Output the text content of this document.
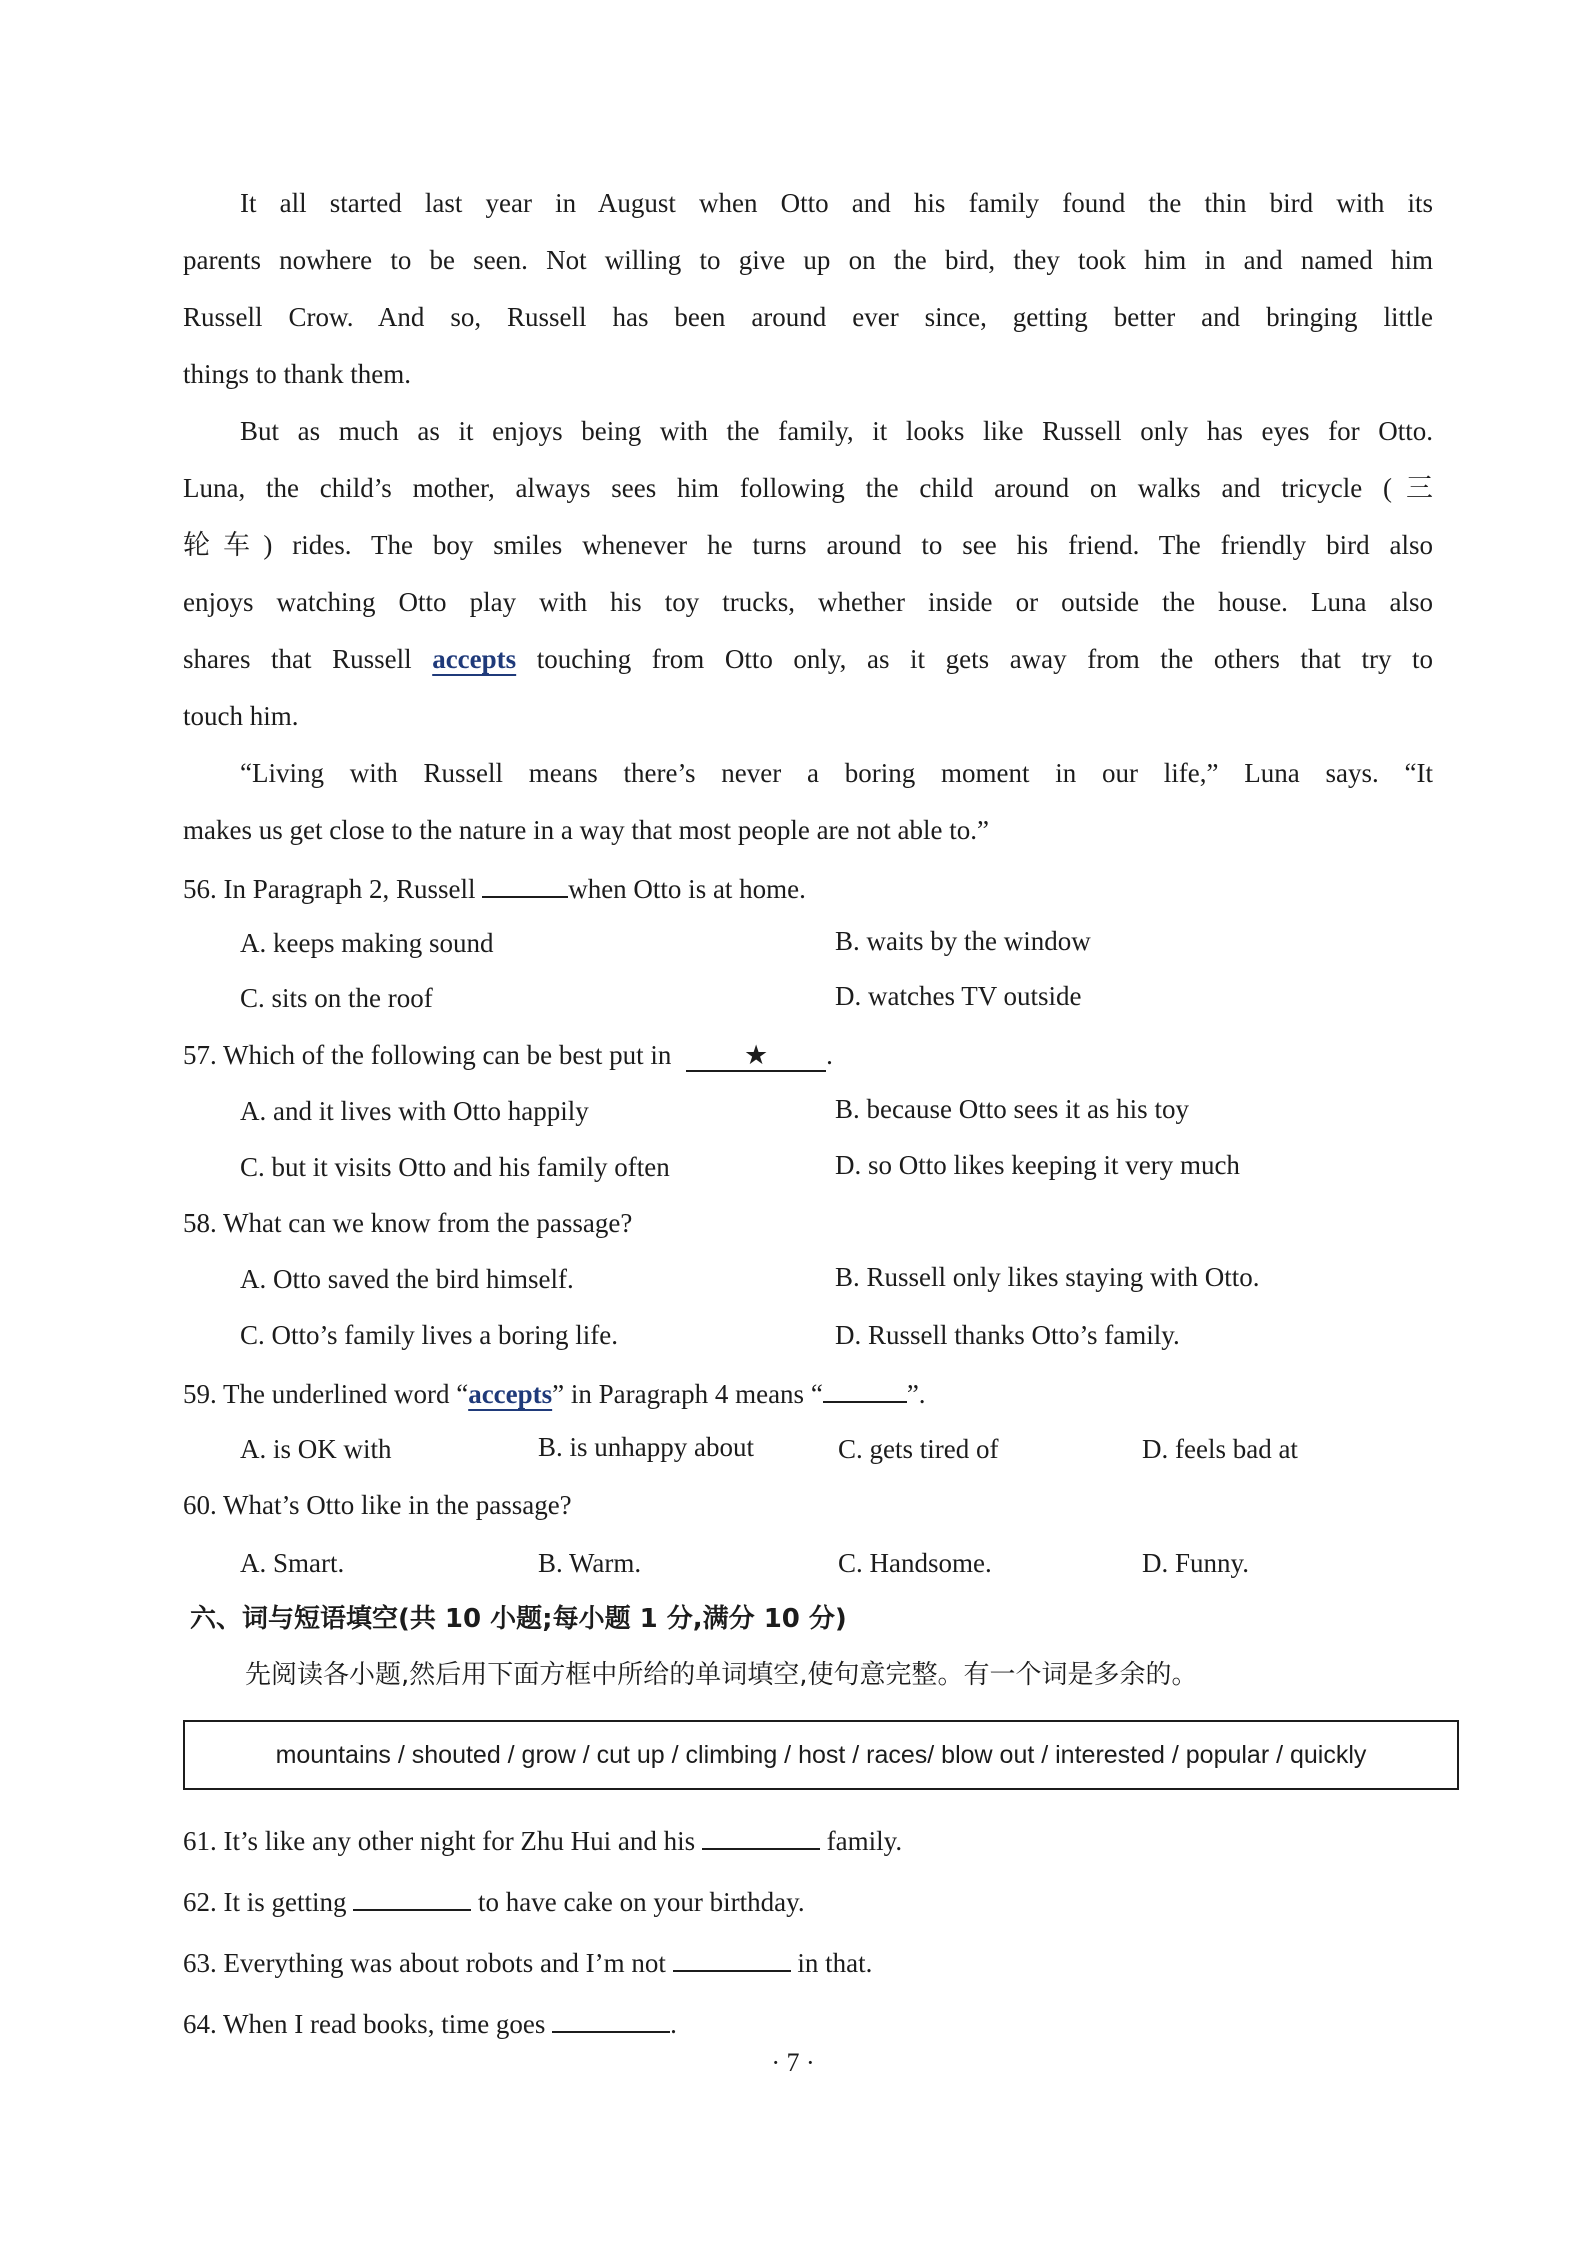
It all started last year in August when Otto and his family found the thin bird with its
parents nowhere to be seen. Not willing to give up on the bird, they took him in and named him
Russell Crow. And so, Russell has been around ever since, getting better and bringing little
things to thank them.
But as much as it enjoys being with the family, it looks like Russell only has eyes for Otto.
Luna, the child’s mother, always sees him following the child around on walks and tricycle (三
轮车) rides. The boy smiles whenever he turns around to see his friend. The friendly bird also
enjoys watching Otto play with his toy trucks, whether inside or outside the house. Luna also
shares that Russell accepts touching from Otto only, as it gets away from the others that try to
touch him.
“Living with Russell means there’s never a boring moment in our life,” Luna says. “It
makes us get close to the nature in a way that most people are not able to.”
56. In Paragraph 2, Russell	when Otto is at home.
A. keeps making sound	B. waits by the window
C. sits on the roof	D. watches TV outside
57. Which of the following can be best put in	★ .
A. and it lives with Otto happily	B. because Otto sees it as his toy
C. but it visits Otto and his family often	D. so Otto likes keeping it very much
58. What can we know from the passage?
A. Otto saved the bird himself.	B. Russell only likes staying with Otto.
C. Otto’s family lives a boring life.	D. Russell thanks Otto’s family.
59. The underlined word “accepts” in Paragraph 4 means “	”.
A. is OK with	B. is unhappy about	C. gets tired of	D. feels bad at
60. What’s Otto like in the passage?
A. Smart.	B. Warm.	C. Handsome.	D. Funny.
六、词与短语填空(共 10 小题;每小题 1 分,满分 10 分)
先阅读各小题,然后用下面方框中所给的单词填空,使句意完整。有一个词是多余的。
mountains / shouted / grow / cut up / climbing / host / races/ blow out / interested / popular / quickly
61. It’s like any other night for Zhu Hui and his	family.
62. It is getting	to have cake on your birthday.
63. Everything was about robots and I’m not	in that.
64. When I read books, time goes	.
· 7 ·
